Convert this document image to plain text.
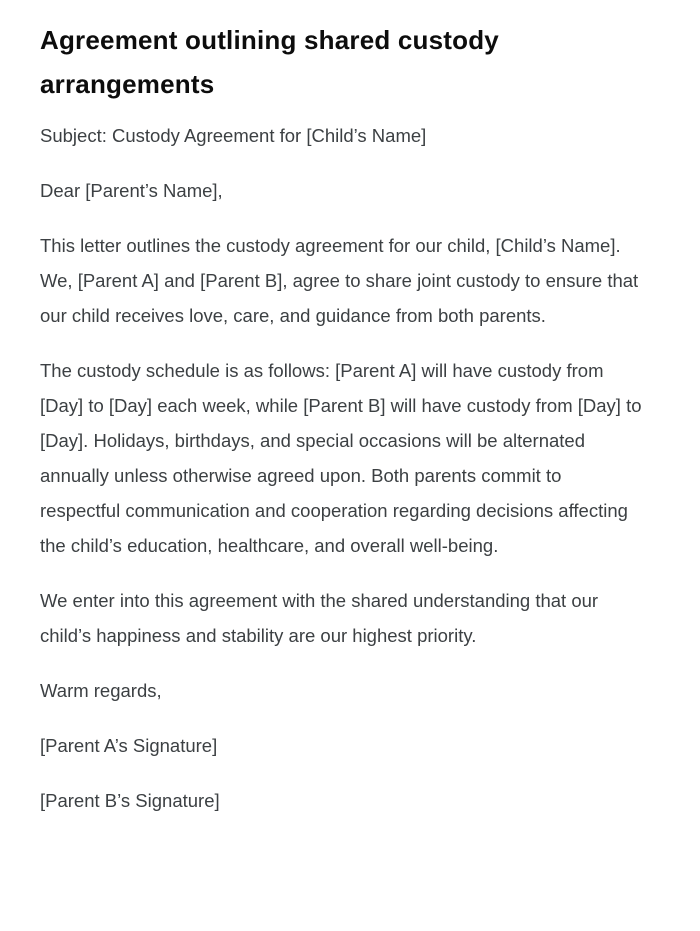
Agreement outlining shared custody arrangements

Subject: Custody Agreement for [Child’s Name]

Dear [Parent’s Name],

This letter outlines the custody agreement for our child, [Child’s Name]. We, [Parent A] and [Parent B], agree to share joint custody to ensure that our child receives love, care, and guidance from both parents.

The custody schedule is as follows: [Parent A] will have custody from [Day] to [Day] each week, while [Parent B] will have custody from [Day] to [Day]. Holidays, birthdays, and special occasions will be alternated annually unless otherwise agreed upon. Both parents commit to respectful communication and cooperation regarding decisions affecting the child’s education, healthcare, and overall well-being.

We enter into this agreement with the shared understanding that our child’s happiness and stability are our highest priority.

Warm regards,

[Parent A’s Signature]

[Parent B’s Signature]
